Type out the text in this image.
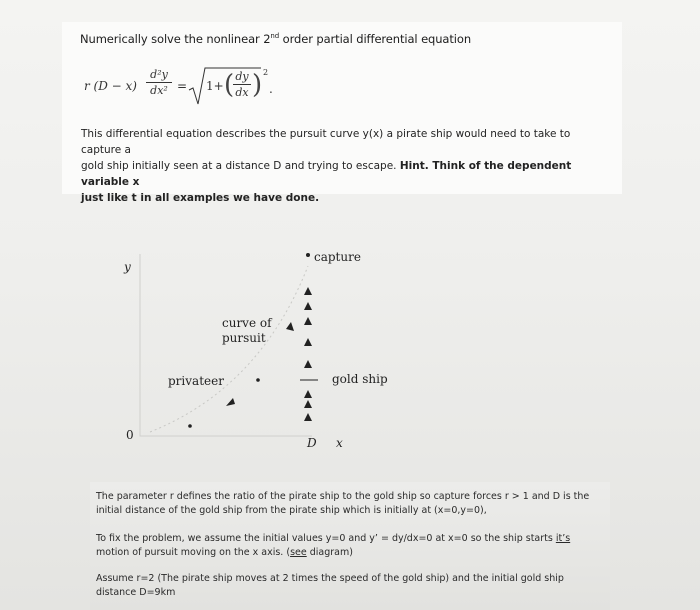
Numerically solve the nonlinear 2nd order partial differential equation
r (D − x)
d²y
dx² = 1+ ( dy
dx ) 2
.
This differential equation describes the pursuit curve y(x) a pirate ship would need to take to capture a
gold ship initially seen at a distance D and trying to escape. Hint. Think of the dependent variable x
just like t in all examples we have done.
y
0
capture
curve of
pursuit
privateer	gold ship
D x
The parameter r defines the ratio of the pirate ship to the gold ship so capture forces r > 1 and D is the
initial distance of the gold ship from the pirate ship which is initially at (x=0,y=0),
To fix the problem, we assume the initial values y=0 and y’ = dy/dx=0 at x=0 so the ship starts it’s
motion of pursuit moving on the x axis. (see diagram)
Assume r=2 (The pirate ship moves at 2 times the speed of the gold ship) and the initial gold ship
distance D=9km
